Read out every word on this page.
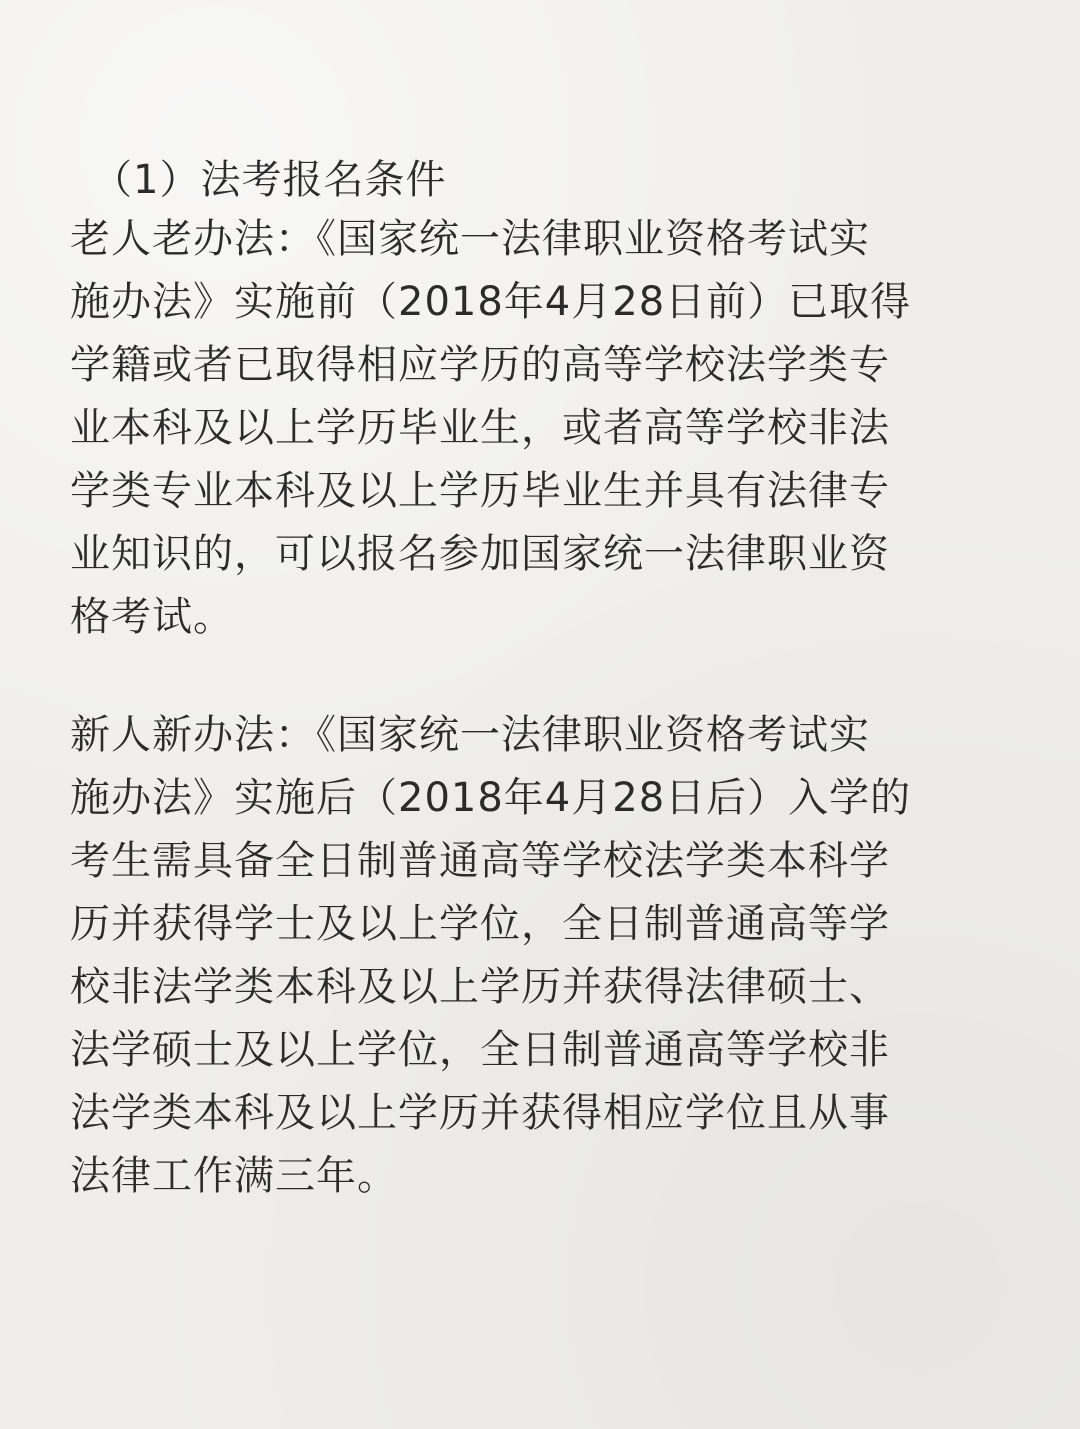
（1）法考报名条件

老人老办法：《国家统一法律职业资格考试实
施办法》实施前（2018年4月28日前）已取得
学籍或者已取得相应学历的高等学校法学类专
业本科及以上学历毕业生，或者高等学校非法
学类专业本科及以上学历毕业生并具有法律专
业知识的，可以报名参加国家统一法律职业资
格考试。

新人新办法：《国家统一法律职业资格考试实
施办法》实施后（2018年4月28日后）入学的
考生需具备全日制普通高等学校法学类本科学
历并获得学士及以上学位，全日制普通高等学
校非法学类本科及以上学历并获得法律硕士、
法学硕士及以上学位，全日制普通高等学校非
法学类本科及以上学历并获得相应学位且从事
法律工作满三年。
